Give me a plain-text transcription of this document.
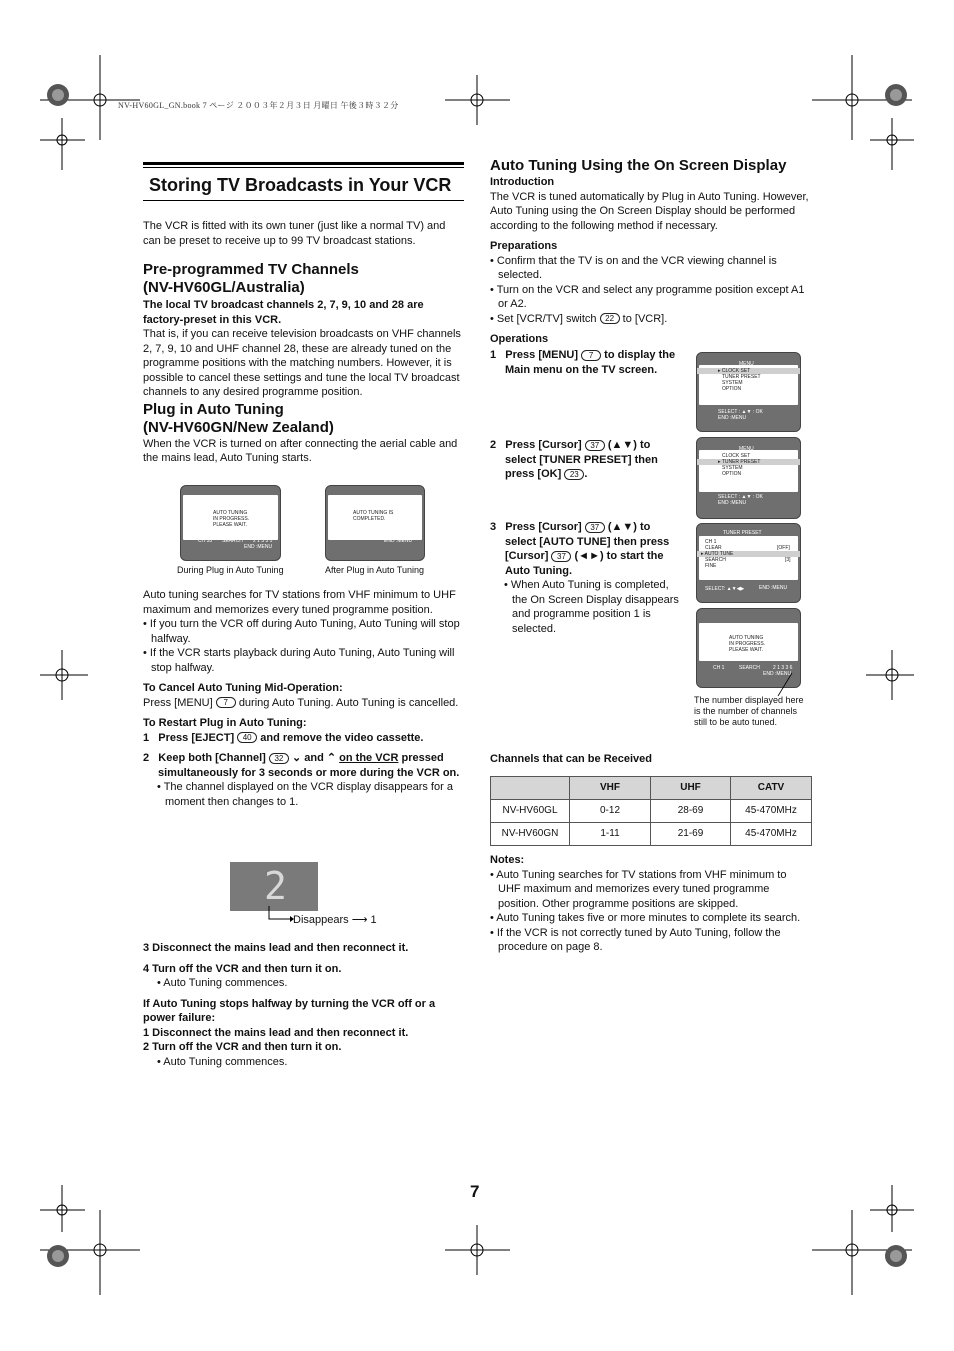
NV-HV60GL_GN.book 7 ページ ２００３年２月３日 月曜日 午後３時３２分
Storing TV Broadcasts in Your VCR

The VCR is fitted with its own tuner (just like a normal TV) and can be preset to receive up to 99 TV broadcast stations.

Pre-programmed TV Channels
(NV-HV60GL/Australia)

The local TV broadcast channels 2, 7, 9, 10 and 28 are factory-preset in this VCR.

That is, if you can receive television broadcasts on VHF channels 2, 7, 9, 10 and UHF channel 28, these are already tuned on the programme positions with the matching numbers. However, it is possible to cancel these settings and tune the local TV broadcast channels to any desired programme position.

Plug in Auto Tuning
(NV-HV60GN/New Zealand)

When the VCR is turned on after connecting the aerial cable and the mains lead, Auto Tuning starts.

AUTO TUNING
IN PROGRESS.
PLEASE WAIT.
CH 33 SEARCH 2 1 3 3 1
END :MENU
During Plug in Auto Tuning
AUTO TUNING IS
COMPLETED.
END :MENU
After Plug in Auto Tuning

Auto tuning searches for TV stations from VHF minimum to UHF maximum and memorizes every tuned programme position.

• If you turn the VCR off during Auto Tuning, Auto Tuning will stop halfway.

• If the VCR starts playback during Auto Tuning, Auto Tuning will stop halfway.

To Cancel Auto Tuning Mid-Operation:

Press [MENU] 7 during Auto Tuning. Auto Tuning is cancelled.

To Restart Plug in Auto Tuning:

1 Press [EJECT] 40 and remove the video cassette.

2 Keep both [Channel] 32 ⌄ and ⌃ on the VCR pressed simultaneously for 3 seconds or more during the VCR on.

• The channel displayed on the VCR display disappears for a moment then changes to 1.

2
Disappears ⟶ 1

3 Disconnect the mains lead and then reconnect it.

4 Turn off the VCR and then turn it on.

• Auto Tuning commences.

If Auto Tuning stops halfway by turning the VCR off or a power failure:

1 Disconnect the mains lead and then reconnect it.

2 Turn off the VCR and then turn it on.

• Auto Tuning commences.

Auto Tuning Using the On Screen Display

Introduction

The VCR is tuned automatically by Plug in Auto Tuning. However, Auto Tuning using the On Screen Display should be performed according to the following method if necessary.

Preparations

• Confirm that the TV is on and the VCR viewing channel is selected.

• Turn on the VCR and select any programme position except A1 or A2.

• Set [VCR/TV] switch 22 to [VCR].

Operations

1 Press [MENU] 7 to display the Main menu on the TV screen.

2 Press [Cursor] 37 (▲▼) to select [TUNER PRESET] then press [OK] 23 .

3 Press [Cursor] 37 (▲▼) to select [AUTO TUNE] then press [Cursor] 37 (◄►) to start the Auto Tuning.

• When Auto Tuning is completed, the On Screen Display disappears and programme position 1 is selected.

MENU
▸ CLOCK SET
TUNER PRESET
SYSTEM
OPTION
SELECT : ▲▼ : OK
END :MENU
MENU
CLOCK SET
▸ TUNER PRESET
SYSTEM
OPTION
SELECT : ▲▼ : OK
END :MENU
TUNER PRESET
CH 1
CLEAR	[OFF]
▸ AUTO TUNE
SEARCH	[3]
FINE
SELECT: ▲▼◀▶	END :MENU
AUTO TUNING
IN PROGRESS.
PLEASE WAIT.
CH 1	SEARCH	2 1 3 3 6
END :MENU
The number displayed here is the number of channels still to be auto tuned.
Channels that can be Received
	VHF	UHF	CATV
NV-HV60GL	0-12	28-69	45-470MHz
NV-HV60GN	1-11	21-69	45-470MHz

Notes:

• Auto Tuning searches for TV stations from VHF minimum to UHF maximum and memorizes every tuned programme position. Other programme positions are skipped.

• Auto Tuning takes five or more minutes to complete its search.

• If the VCR is not correctly tuned by Auto Tuning, follow the procedure on page 8.

7
